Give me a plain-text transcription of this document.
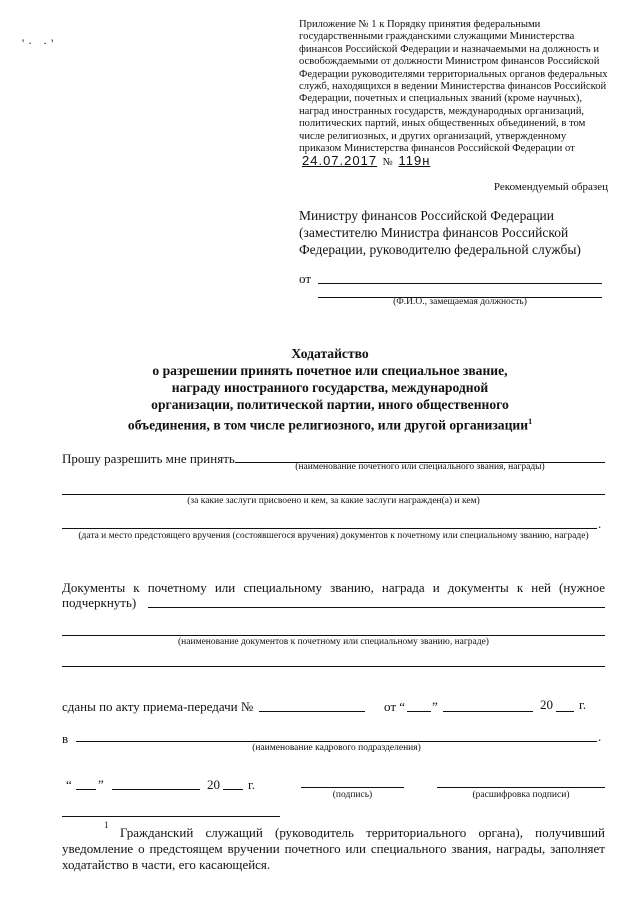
Приложение № 1 к Порядку принятия федеральными государственными гражданскими служащими Министерства финансов Российской Федерации и назначаемыми на должность и освобождаемыми от должности Министром финансов Российской Федерации руководителями территориальных органов федеральных служб, находящихся в ведении Министерства финансов Российской Федерации, почетных и специальных званий (кроме научных), наград иностранных государств, международных организаций, политических партий, иных общественных объединений, в том числе религиозных, и других организаций, утвержденному приказом Министерства финансов Российской Федерации от 24.07.2017 № 119н
'· ·'
Рекомендуемый образец
Министру финансов Российской Федерации (заместителю Министра финансов Российской Федерации, руководителю федеральной службы)
от
(Ф.И.О., замещаемая должность)
Ходатайство
о разрешении принять почетное или специальное звание,
награду иностранного государства, международной
организации, политической партии, иного общественного
объединения, в том числе религиозного, или другой организации$^1$
Прошу разрешить мне принять
(наименование почетного или специального звания, награды)
(за какие заслуги присвоено и кем, за какие заслуги награжден(а) и кем)
.
(дата и место предстоящего вручения (состоявшегося вручения) документов к почетному или специальному званию, награде)
Документы к почетному или специальному званию, награда и документы к ней (нужное
подчеркнуть)
(наименование документов к почетному или специальному званию, награде)
сданы по акту приема-передачи №	от “ ”	20 г.
в	.
(наименование кадрового подразделения)
“ ”	20 г.
(подпись)	(расшифровка подписи)
1 Гражданский служащий (руководитель территориального органа), получивший
уведомление о предстоящем вручении почетного или специального звания, награды, заполняет
ходатайство в части, его касающейся.
